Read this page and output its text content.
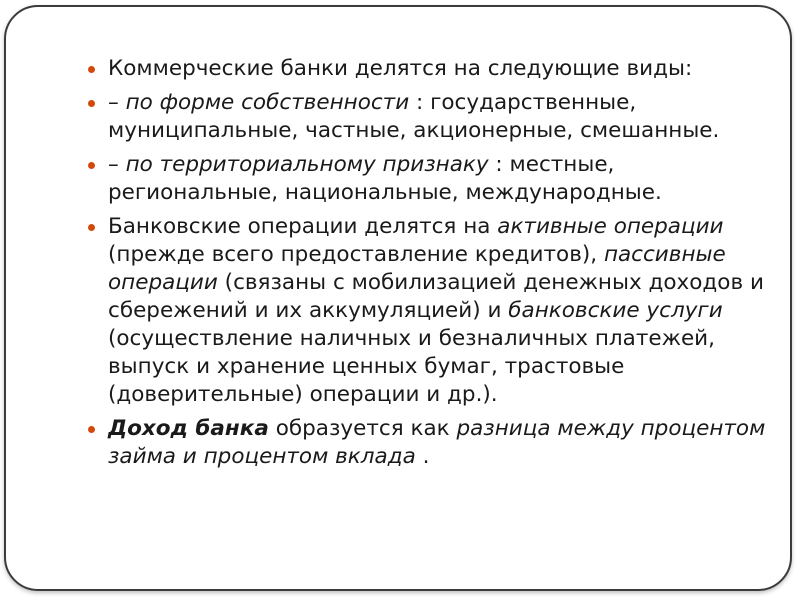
Коммерческие банки делятся на следующие виды:

– по форме собственности : государственные, муниципальные, частные, акционерные, смешанные.

– по территориальному признаку : местные, региональные, национальные, международные.

Банковские операции делятся на активные операции (прежде всего предоставление кредитов), пассивные операции (связаны с мобилизацией денежных доходов и сбережений и их аккумуляцией) и банковские услуги (осуществление наличных и безналичных платежей, выпуск и хранение ценных бумаг, трастовые (доверительные) операции и др.).

Доход банка образуется как разница между процентом займа и процентом вклада .
